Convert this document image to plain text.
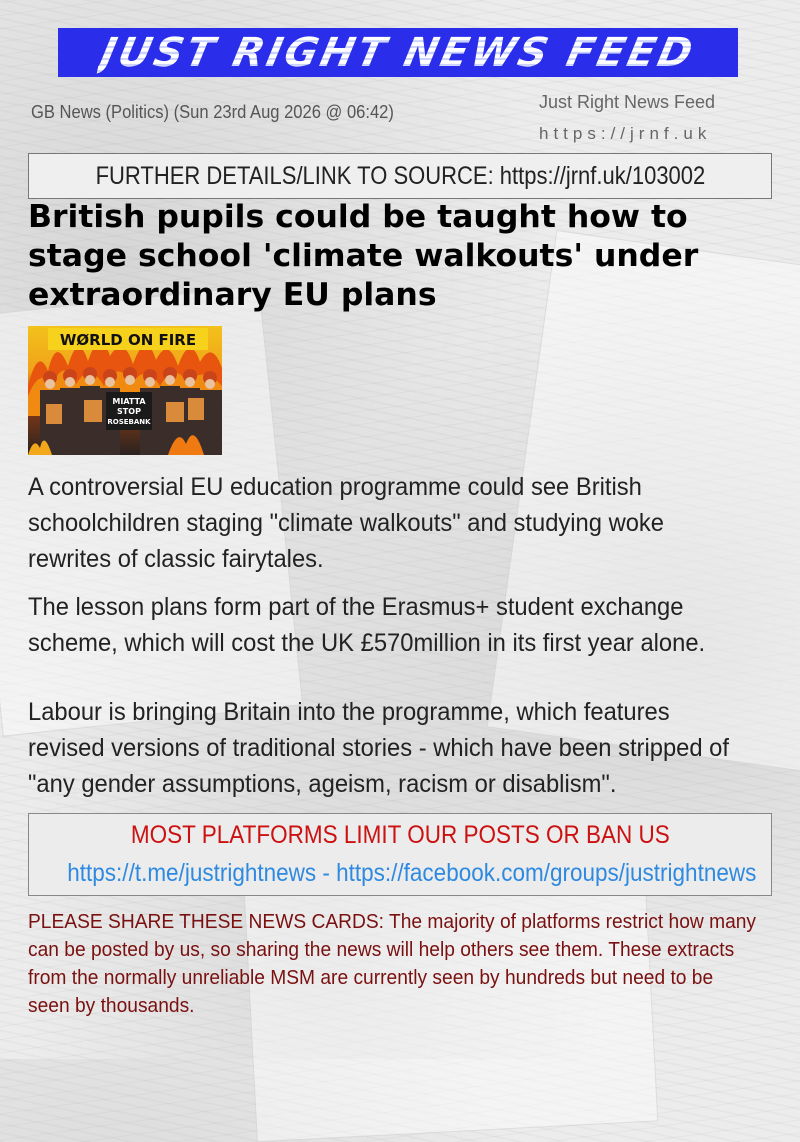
JUST RIGHT NEWS FEED
GB News (Politics) (Sun 23rd Aug 2026 @ 06:42)	Just Right News Feed
https://jrnf.uk
FURTHER DETAILS/LINK TO SOURCE: https://jrnf.uk/103002
British pupils could be taught how to stage school 'climate walkouts' under extraordinary EU plans
WØRLD ON FIRE
MIATTA
STOP
ROSEBANK

A controversial EU education programme could see British schoolchildren staging "climate walkouts" and studying woke rewrites of classic fairytales.

The lesson plans form part of the Erasmus+ student exchange scheme, which will cost the UK £570million in its first year alone.

Labour is bringing Britain into the programme, which features revised versions of traditional stories - which have been stripped of "any gender assumptions, ageism, racism or disablism".

MOST PLATFORMS LIMIT OUR POSTS OR BAN US
https://t.me/justrightnews - https://facebook.com/groups/justrightnews

PLEASE SHARE THESE NEWS CARDS: The majority of platforms restrict how many can be posted by us, so sharing the news will help others see them. These extracts from the normally unreliable MSM are currently seen by hundreds but need to be seen by thousands.
